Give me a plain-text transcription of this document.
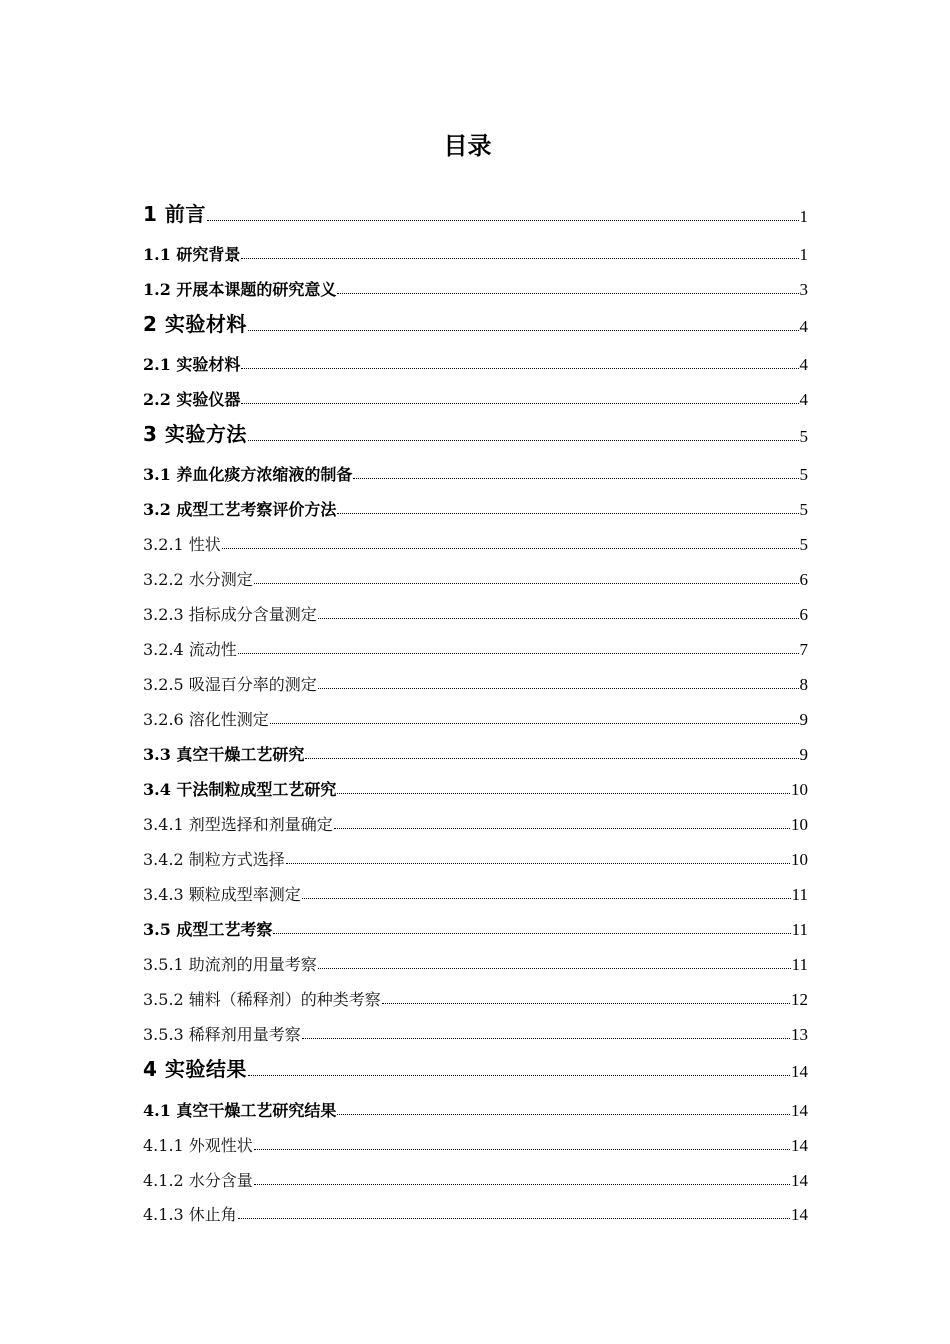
目录
1 前言	1
1.1 研究背景	1
1.2 开展本课题的研究意义	3
2 实验材料	4
2.1 实验材料	4
2.2 实验仪器	4
3 实验方法	5
3.1 养血化痰方浓缩液的制备	5
3.2 成型工艺考察评价方法	5
3.2.1 性状	5
3.2.2 水分测定	6
3.2.3 指标成分含量测定	6
3.2.4 流动性	7
3.2.5 吸湿百分率的测定	8
3.2.6 溶化性测定	9
3.3 真空干燥工艺研究	9
3.4 干法制粒成型工艺研究	10
3.4.1 剂型选择和剂量确定	10
3.4.2 制粒方式选择	10
3.4.3 颗粒成型率测定	11
3.5 成型工艺考察	11
3.5.1 助流剂的用量考察	11
3.5.2 辅料（稀释剂）的种类考察	12
3.5.3 稀释剂用量考察	13
4 实验结果	14
4.1 真空干燥工艺研究结果	14
4.1.1 外观性状	14
4.1.2 水分含量	14
4.1.3 休止角	14
